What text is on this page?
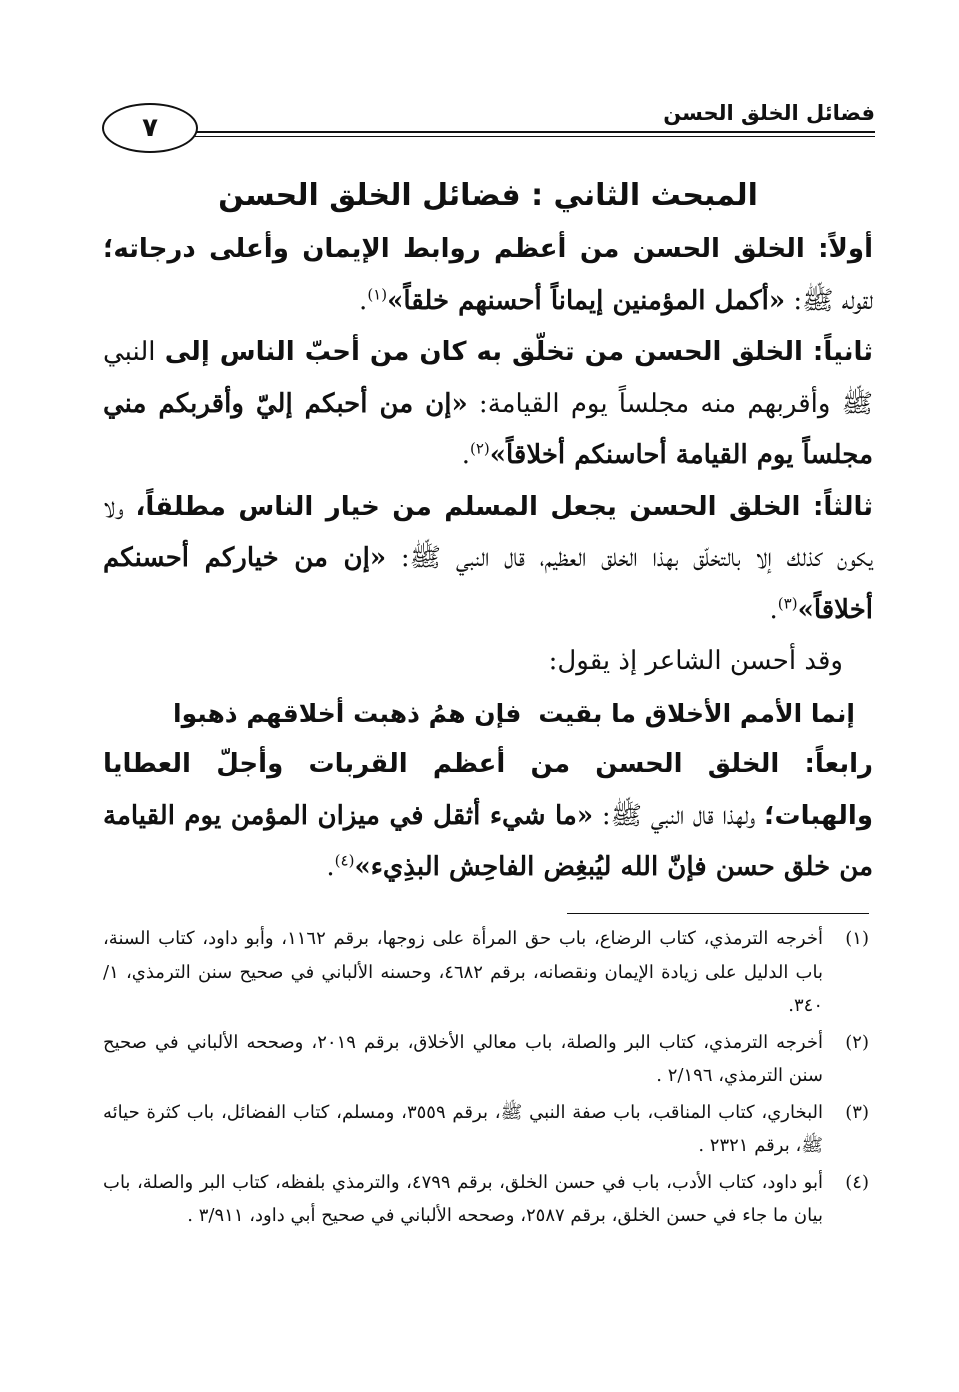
فضائل الخلق الحسن
٧
المبحث الثاني : فضائل الخلق الحسن

أولاً: الخلق الحسن من أعظم روابط الإيمان وأعلى درجاته؛ لقوله ﷺ: «أكمل المؤمنين إيماناً أحسنهم خلقاً»$^{(١)}$.

ثانياً: الخلق الحسن من تخلّق به كان من أحبّ الناس إلى النبي ﷺ وأقربهم منه مجلساً يوم القيامة: «إن من أحبكم إليّ وأقربكم مني مجلساً يوم القيامة أحاسنكم أخلاقاً»$^{(٢)}$.

ثالثاً: الخلق الحسن يجعل المسلم من خيار الناس مطلقاً، ولا يكون كذلك إلا بالتخلّق بهذا الخلق العظيم، قال النبي ﷺ: «إن من خياركم أحسنكم أخلاقاً»$^{(٣)}$.

وقد أحسن الشاعر إذ يقول:

إنما الأمم الأخلاق ما بقيت
فإن همُ ذهبت أخلاقهم ذهبوا

رابعاً: الخلق الحسن من أعظم القربات وأجلّ العطايا والهبات؛ ولهذا قال النبي ﷺ: «ما شيء أثقل في ميزان المؤمن يوم القيامة من خلق حسن فإنّ الله ليُبغِض الفاحِش البذِيء»$^{(٤)}$.

(١)
أخرجه الترمذي، كتاب الرضاع، باب حق المرأة على زوجها، برقم ١١٦٢، وأبو داود، كتاب السنة، باب الدليل على زيادة الإيمان ونقصانه، برقم ٤٦٨٢، وحسنه الألباني في صحيح سنن الترمذي، ١/ ٣٤٠.

(٢)
أخرجه الترمذي، كتاب البر والصلة، باب معالي الأخلاق، برقم ٢٠١٩، وصححه الألباني في صحيح سنن الترمذي، ٢/١٩٦ .

(٣)
البخاري، كتاب المناقب، باب صفة النبي ﷺ، برقم ٣٥٥٩، ومسلم، كتاب الفضائل، باب كثرة حيائه ﷺ، برقم ٢٣٢١ .

(٤)
أبو داود، كتاب الأدب، باب في حسن الخلق، برقم ٤٧٩٩، والترمذي بلفظه، كتاب البر والصلة، باب بيان ما جاء في حسن الخلق، برقم ٢٥٨٧، وصححه الألباني في صحيح أبي داود، ٣/٩١١ .
